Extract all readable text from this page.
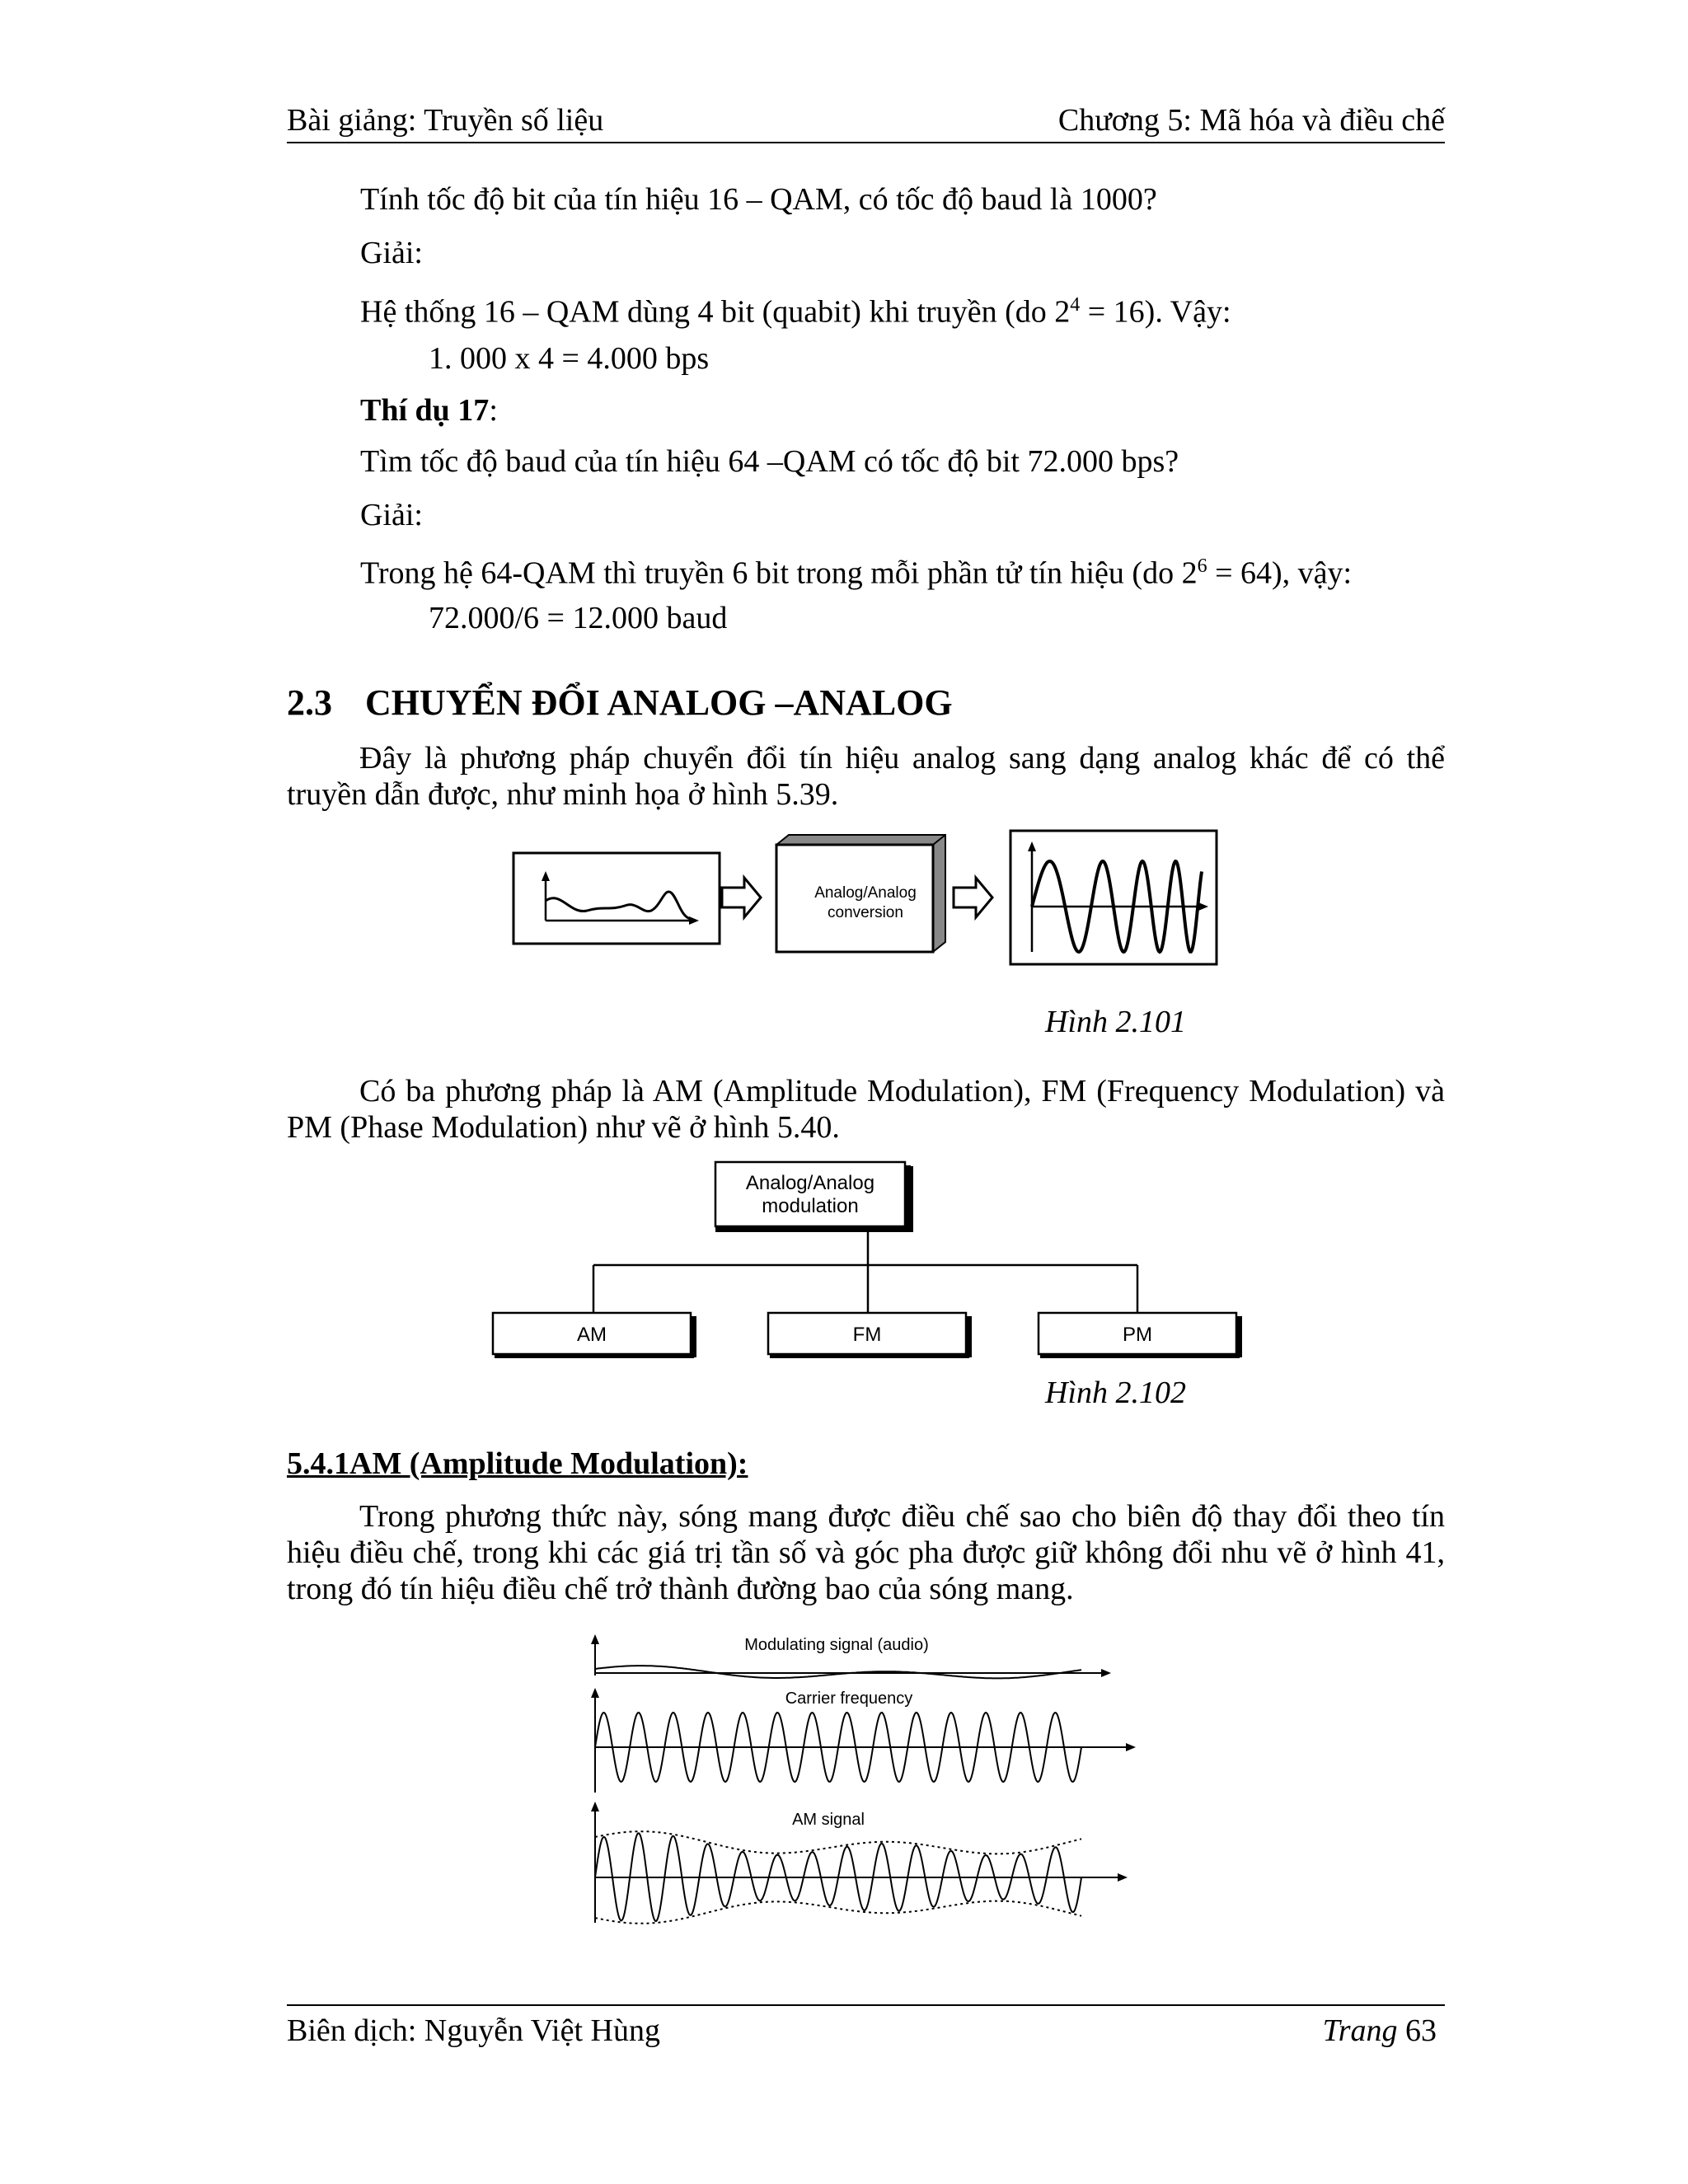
Bài giảng: Truyền số liệu	Chương 5: Mã hóa và điều chế
Tính tốc độ bit của tín hiệu 16 – QAM, có tốc độ baud là 1000?
Giải:
Hệ thống 16 – QAM dùng 4 bit (quabit) khi truyền (do $2^4 = 16$). Vậy:
1. 000 x 4 = 4.000 bps
Thí dụ 17:
Tìm tốc độ baud của tín hiệu 64 –QAM có tốc độ bit 72.000 bps?
Giải:
Trong hệ 64-QAM thì truyền 6 bit trong mỗi phần tử tín hiệu (do $2^6 = 64$), vậy:
72.000/6 = 12.000 baud
2.3 CHUYỂN ĐỔI ANALOG –ANALOG
Đây là phương pháp chuyển đổi tín hiệu analog sang dạng analog khác để có thể truyền dẫn được, như minh họa ở hình 5.39.
Analog/Analog
conversion
Hình 2.101
Có ba phương pháp là AM (Amplitude Modulation), FM (Frequency Modulation) và PM (Phase Modulation) như vẽ ở hình 5.40.
Analog/Analog
modulation
AM	FM	PM
Hình 2.102
5.4.1AM (Amplitude Modulation):
Trong phương thức này, sóng mang được điều chế sao cho biên độ thay đổi theo tín hiệu điều chế, trong khi các giá trị tần số và góc pha được giữ không đổi nhu vẽ ở hình 41, trong đó tín hiệu điều chế trở thành đường bao của sóng mang.
Modulating signal (audio)
Carrier frequency
AM signal
Biên dịch: Nguyễn Việt Hùng	Trang 63
